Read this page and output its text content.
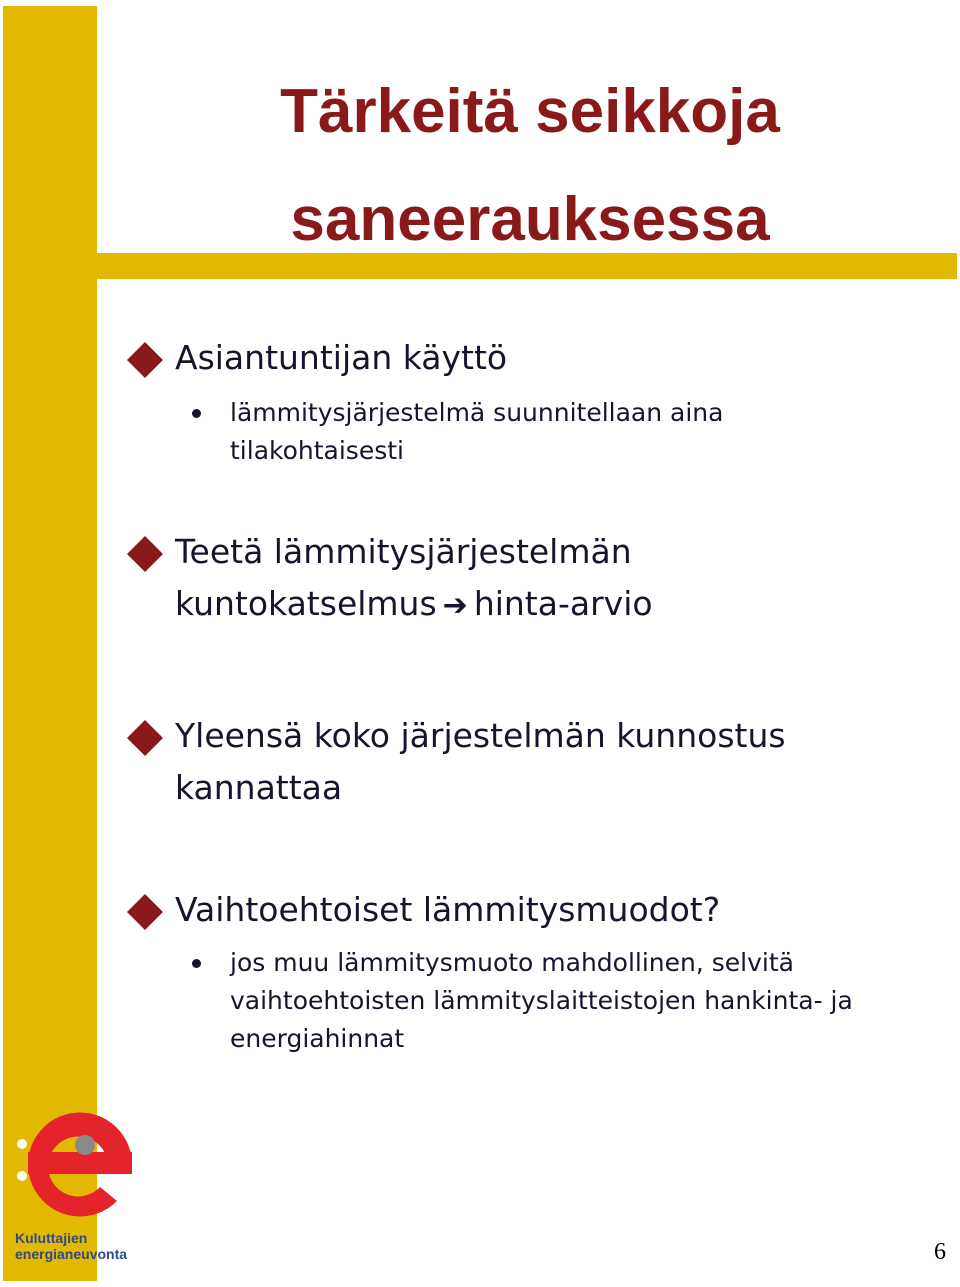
Tärkeitä seikkoja
saneerauksessa
Asiantuntijan käyttö
lämmitysjärjestelmä suunnitellaan aina tilakohtaisesti
Teetä lämmitysjärjestelmän kuntokatselmus ➔ hinta-arvio
Yleensä koko järjestelmän kunnostus kannattaa
Vaihtoehtoiset lämmitysmuodot?
jos muu lämmitysmuoto mahdollinen, selvitä vaihtoehtoisten lämmityslaitteistojen hankinta- ja energiahinnat
Kuluttajien
energianeuvonta	6
